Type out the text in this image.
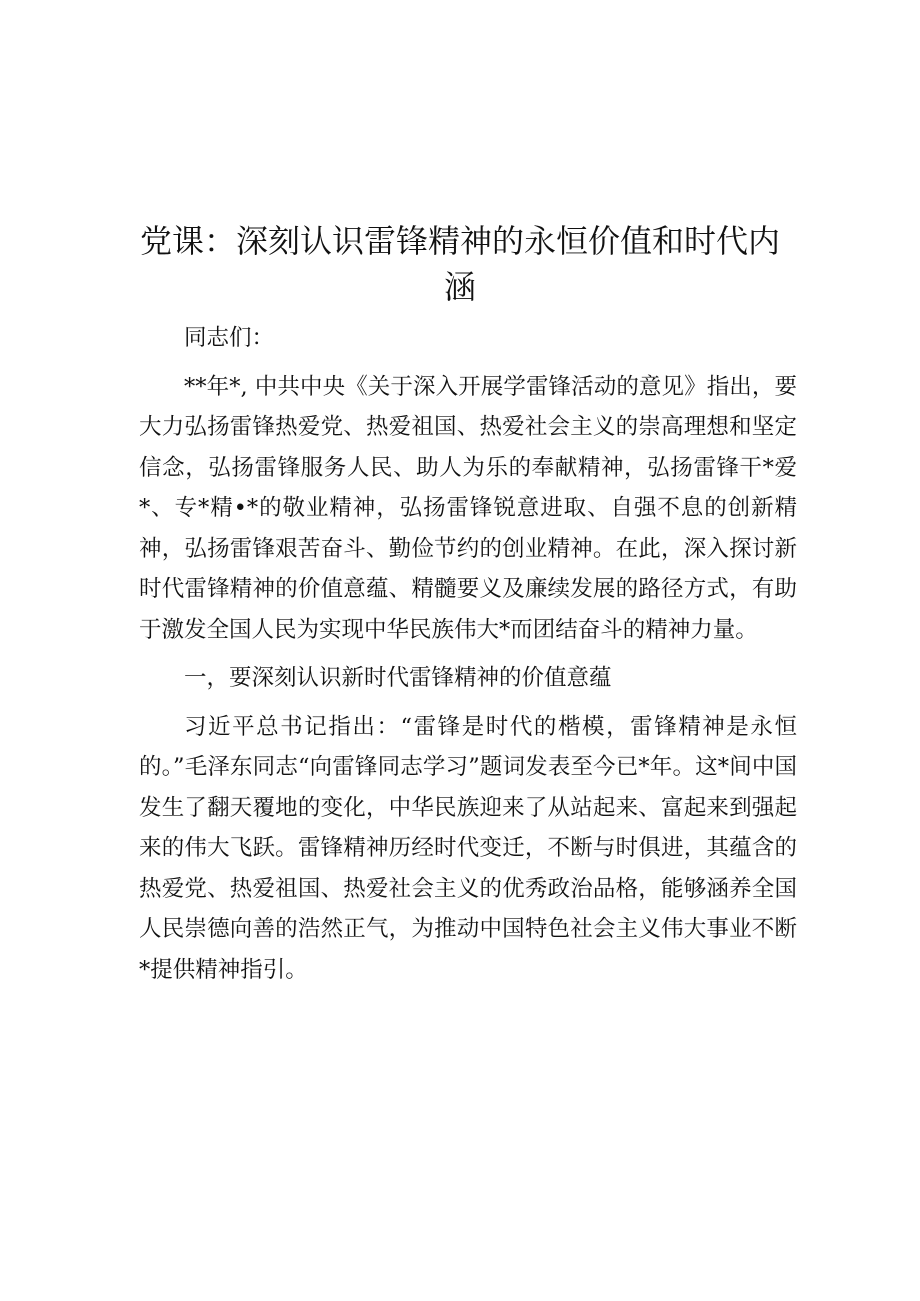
党课：深刻认识雷锋精神的永恒价值和时代内涵

同志们：

**年*, 中共中央《关于深入开展学雷锋活动的意见》指出，要大力弘扬雷锋热爱党、热爱祖国、热爱社会主义的崇高理想和坚定信念，弘扬雷锋服务人民、助人为乐的奉献精神，弘扬雷锋干*爱*、专*精•*的敬业精神，弘扬雷锋锐意进取、自强不息的创新精神，弘扬雷锋艰苦奋斗、勤俭节约的创业精神。在此，深入探讨新时代雷锋精神的价值意蕴、精髓要义及廉续发展的路径方式，有助于激发全国人民为实现中华民族伟大*而团结奋斗的精神力量。

一，要深刻认识新时代雷锋精神的价值意蕴

习近平总书记指出：“雷锋是时代的楷模，雷锋精神是永恒的。”毛泽东同志“向雷锋同志学习”题词发表至今已*年。这*间中国发生了翻天覆地的变化，中华民族迎来了从站起来、富起来到强起来的伟大飞跃。雷锋精神历经时代变迁，不断与时俱进，其蕴含的热爱党、热爱祖国、热爱社会主义的优秀政治品格，能够涵养全国人民崇德向善的浩然正气，为推动中国特色社会主义伟大事业不断*提供精神指引。
